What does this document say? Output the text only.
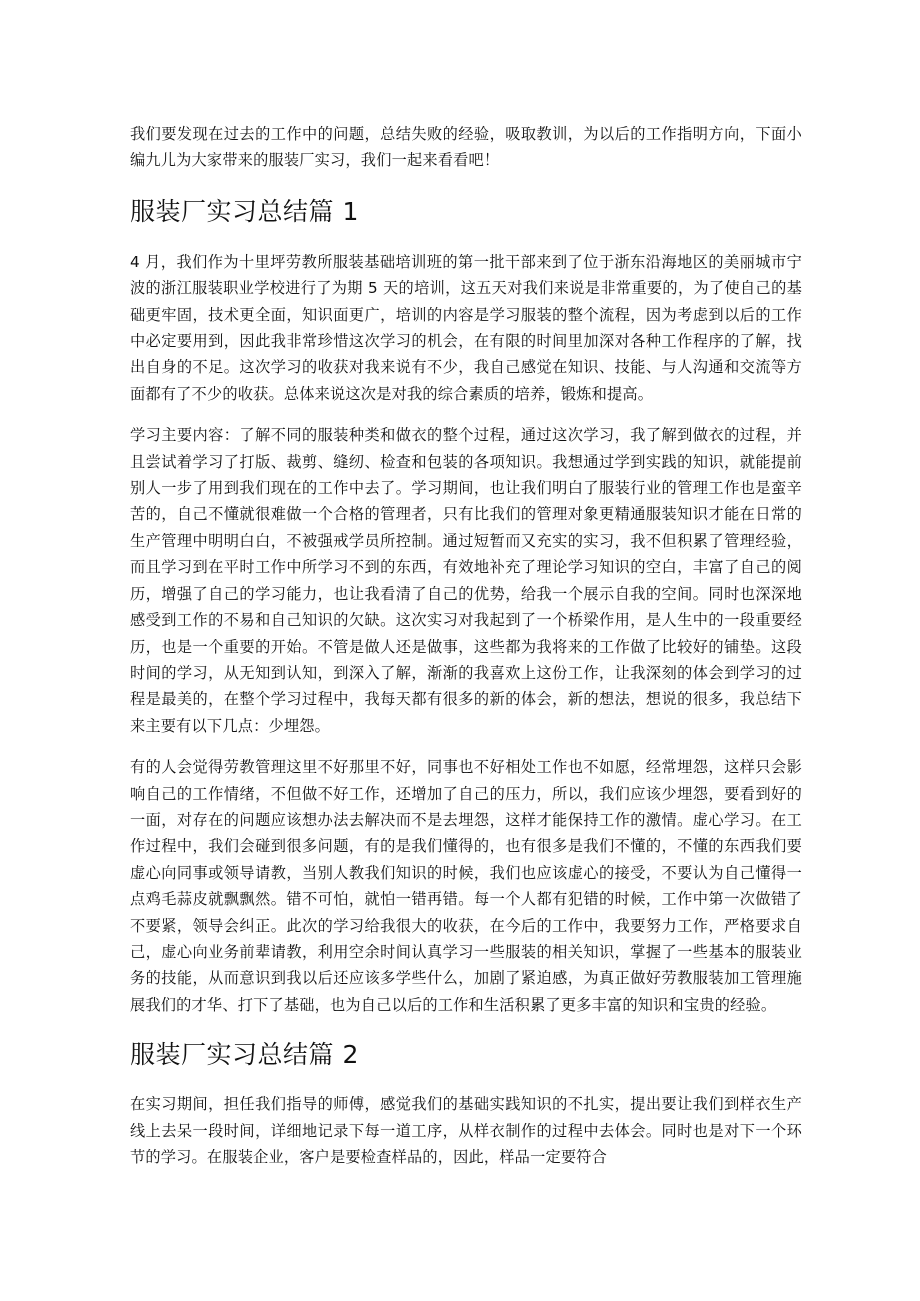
我们要发现在过去的工作中的问题，总结失败的经验，吸取教训，为以后的工作指明方向，下面小编九儿为大家带来的服装厂实习，我们一起来看看吧！

服装厂实习总结篇 1

4 月，我们作为十里坪劳教所服装基础培训班的第一批干部来到了位于浙东沿海地区的美丽城市宁波的浙江服装职业学校进行了为期 5 天的培训，这五天对我们来说是非常重要的，为了使自己的基础更牢固，技术更全面，知识面更广，培训的内容是学习服装的整个流程，因为考虑到以后的工作中必定要用到，因此我非常珍惜这次学习的机会，在有限的时间里加深对各种工作程序的了解，找出自身的不足。这次学习的收获对我来说有不少，我自己感觉在知识、技能、与人沟通和交流等方面都有了不少的收获。总体来说这次是对我的综合素质的培养，锻炼和提高。

学习主要内容：了解不同的服装种类和做衣的整个过程，通过这次学习，我了解到做衣的过程，并且尝试着学习了打版、裁剪、缝纫、检查和包装的各项知识。我想通过学到实践的知识，就能提前别人一步了用到我们现在的工作中去了。学习期间，也让我们明白了服装行业的管理工作也是蛮辛苦的，自己不懂就很难做一个合格的管理者，只有比我们的管理对象更精通服装知识才能在日常的生产管理中明明白白，不被强戒学员所控制。通过短暂而又充实的实习，我不但积累了管理经验，而且学习到在平时工作中所学习不到的东西，有效地补充了理论学习知识的空白，丰富了自己的阅历，增强了自己的学习能力，也让我看清了自己的优势，给我一个展示自我的空间。同时也深深地感受到工作的不易和自己知识的欠缺。这次实习对我起到了一个桥梁作用，是人生中的一段重要经历，也是一个重要的开始。不管是做人还是做事，这些都为我将来的工作做了比较好的铺垫。这段时间的学习，从无知到认知，到深入了解，渐渐的我喜欢上这份工作，让我深刻的体会到学习的过程是最美的，在整个学习过程中，我每天都有很多的新的体会，新的想法，想说的很多，我总结下来主要有以下几点：少埋怨。

有的人会觉得劳教管理这里不好那里不好，同事也不好相处工作也不如愿，经常埋怨，这样只会影响自己的工作情绪，不但做不好工作，还增加了自己的压力，所以，我们应该少埋怨，要看到好的一面，对存在的问题应该想办法去解决而不是去埋怨，这样才能保持工作的激情。虚心学习。在工作过程中，我们会碰到很多问题，有的是我们懂得的，也有很多是我们不懂的，不懂的东西我们要虚心向同事或领导请教，当别人教我们知识的时候，我们也应该虚心的接受，不要认为自己懂得一点鸡毛蒜皮就飘飘然。错不可怕，就怕一错再错。每一个人都有犯错的时候，工作中第一次做错了不要紧，领导会纠正。此次的学习给我很大的收获，在今后的工作中，我要努力工作，严格要求自己，虚心向业务前辈请教，利用空余时间认真学习一些服装的相关知识，掌握了一些基本的服装业务的技能，从而意识到我以后还应该多学些什么，加剧了紧迫感，为真正做好劳教服装加工管理施展我们的才华、打下了基础，也为自己以后的工作和生活积累了更多丰富的知识和宝贵的经验。

服装厂实习总结篇 2

在实习期间，担任我们指导的师傅，感觉我们的基础实践知识的不扎实，提出要让我们到样衣生产线上去呆一段时间，详细地记录下每一道工序，从样衣制作的过程中去体会。同时也是对下一个环节的学习。在服装企业，客户是要检查样品的，因此，样品一定要符合
